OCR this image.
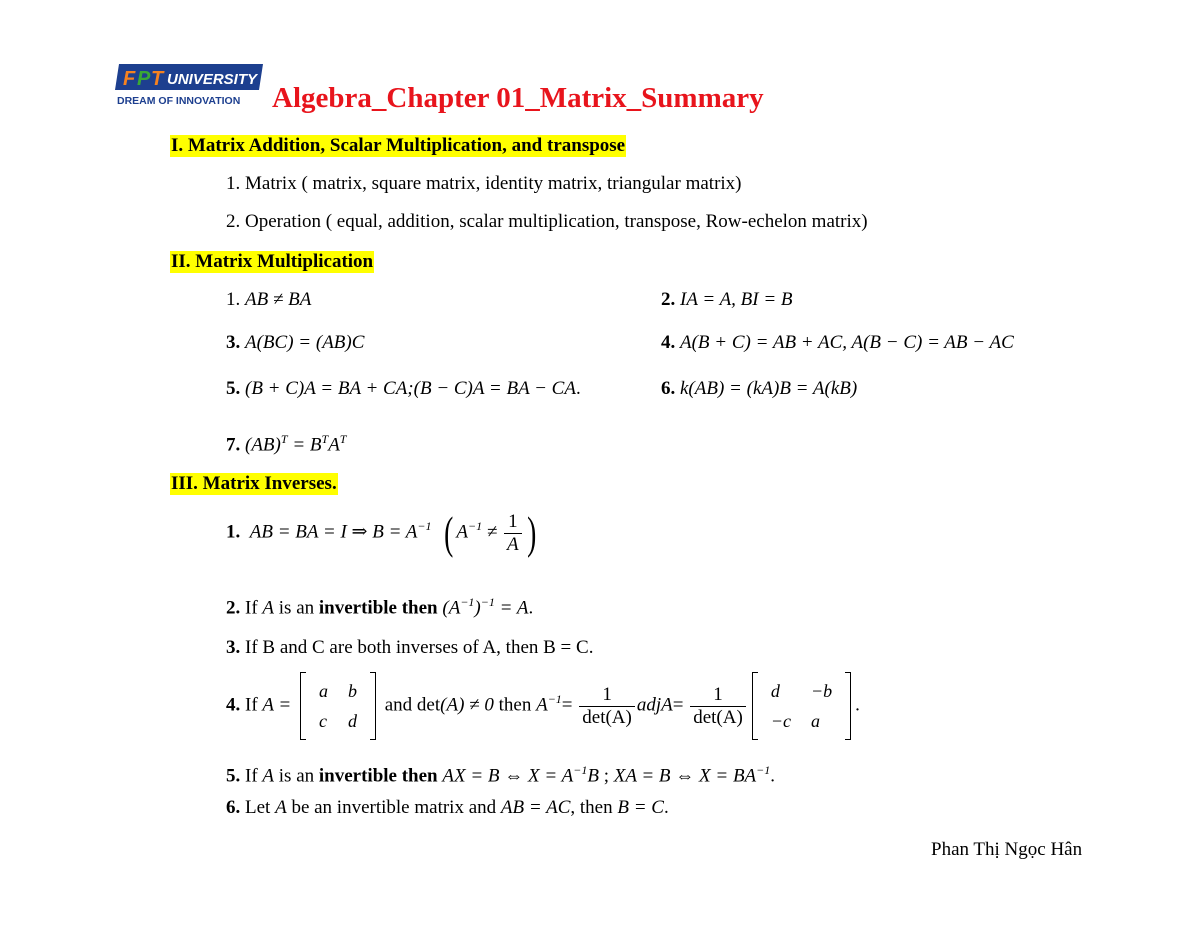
F P T UNIVERSITY
DREAM OF INNOVATION Algebra_Chapter 01_Matrix_Summary
I. Matrix Addition, Scalar Multiplication, and transpose
1. Matrix ( matrix, square matrix, identity matrix, triangular matrix)
2. Operation ( equal, addition, scalar multiplication, transpose, Row-echelon matrix)
II. Matrix Multiplication
1. AB ≠ BA	2. IA = A, BI = B
3. A(BC) = (AB)C	4. A(B + C) = AB + AC, A(B − C) = AB − AC
5. (B + C)A = BA + CA;(B − C)A = BA − CA.	6. k(AB) = (kA)B = A(kB)
7. $(AB)^T = B^TA^T$
III. Matrix Inverses.
1. AB = BA = I ⇒ $B = A^{-1}$ ( $A^{-1} \ne \frac{1}{A}$ )
2. If A is an invertible then $(A^{-1})^{-1} = A$.
3. If B and C are both inverses of A, then B = C.
4. If A =
a	b
c	d
and det(A) ≠ 0 then $A^{-1}= \frac{1}{\det(A)}$ adjA= $\frac{1}{\det(A)}$ d	−b
−c	a
.
5. If A is an invertible then AX = B ⇔ $X = A^{-1}B$ ; XA = B ⇔ $X = BA^{-1}$.
6. Let A be an invertible matrix and AB = AC, then B = C.
Phan Thị Ngọc Hân
